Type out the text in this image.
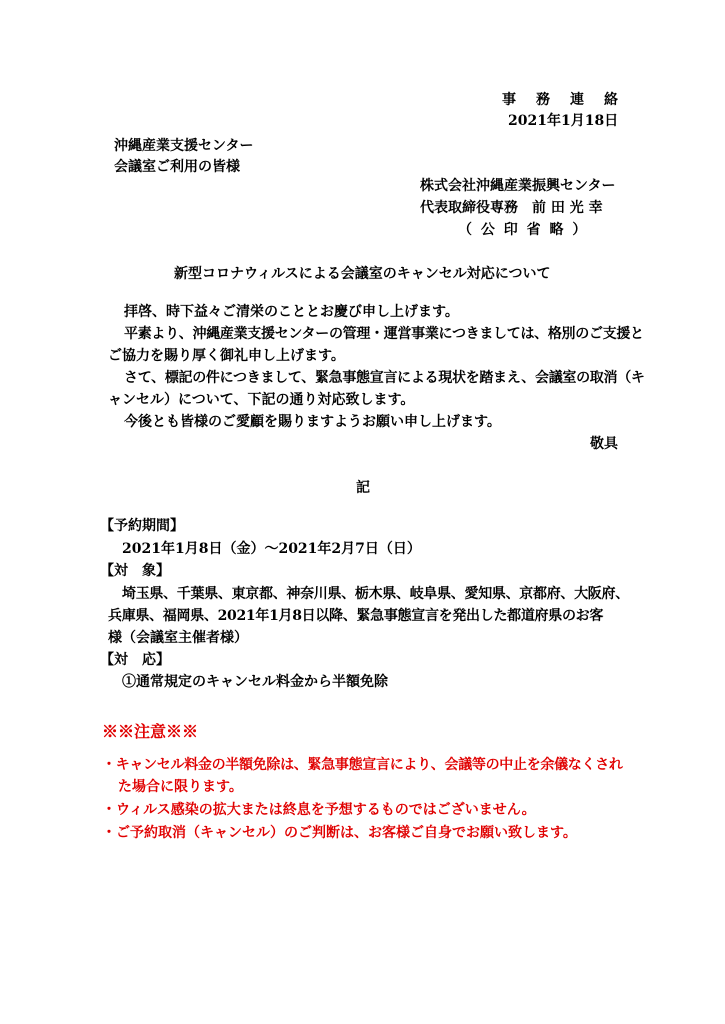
事　務　連　絡
2021年1月18日
沖縄産業支援センター
会議室ご利用の皆様
株式会社沖縄産業振興センター
代表取締役専務　前 田 光 幸
（ 公 印 省 略 ）
新型コロナウィルスによる会議室のキャンセル対応について
拝啓、時下益々ご清栄のこととお慶び申し上げます。
平素より、沖縄産業支援センターの管理・運営事業につきましては、格別のご支援と
ご協力を賜り厚く御礼申し上げます。
さて、標記の件につきまして、緊急事態宣言による現状を踏まえ、会議室の取消（キ
ャンセル）について、下記の通り対応致します。
今後とも皆様のご愛顧を賜りますようお願い申し上げます。
敬具
記
【予約期間】
2021年1月8日（金）～2021年2月7日（日）
【対　象】
埼玉県、千葉県、東京都、神奈川県、栃木県、岐阜県、愛知県、京都府、大阪府、
兵庫県、福岡県、2021年1月8日以降、緊急事態宣言を発出した都道府県のお客
様（会議室主催者様）
【対　応】
①通常規定のキャンセル料金から半額免除
※※注意※※
・キャンセル料金の半額免除は、緊急事態宣言により、会議等の中止を余儀なくされ
た場合に限ります。
・ウィルス感染の拡大または終息を予想するものではございません。
・ご予約取消（キャンセル）のご判断は、お客様ご自身でお願い致します。
